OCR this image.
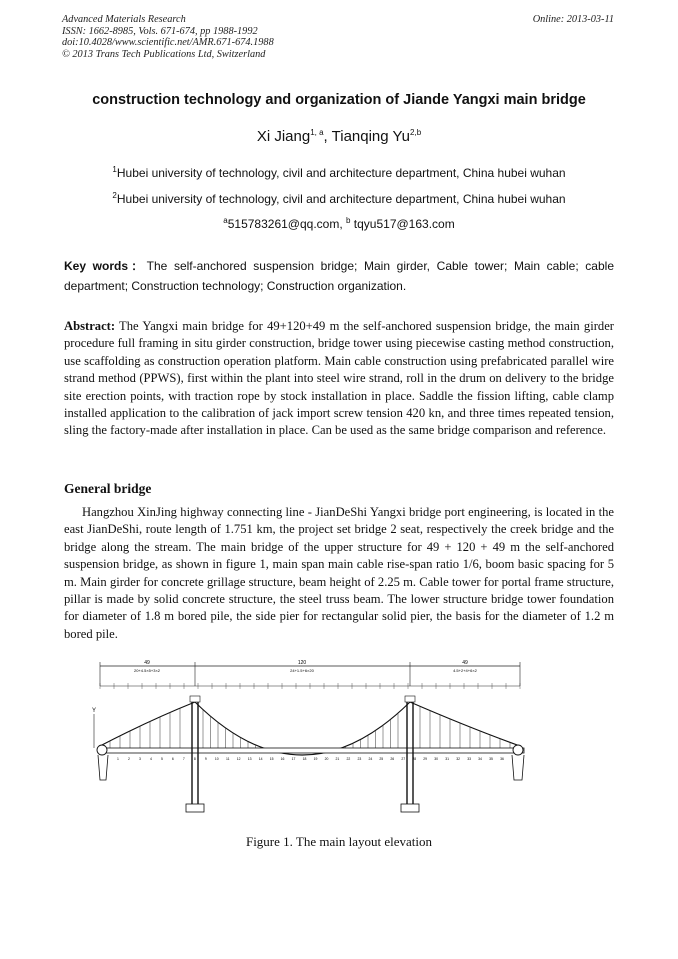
Advanced Materials Research
ISSN: 1662-8985, Vols. 671-674, pp 1988-1992
doi:10.4028/www.scientific.net/AMR.671-674.1988
© 2013 Trans Tech Publications Ltd, Switzerland
Online: 2013-03-11
construction technology and organization of Jiande Yangxi main bridge
Xi Jiang$^{1, a}$, Tianqing Yu$^{2,b}$
$^1$Hubei university of technology, civil and architecture department, China hubei wuhan
$^2$Hubei university of technology, civil and architecture department, China hubei wuhan
$^a$515783261@qq.com, $^b$ tqyu517@163.com
Key words：The self-anchored suspension bridge; Main girder, Cable tower; Main cable; cable department; Construction technology; Construction organization.
Abstract: The Yangxi main bridge for 49+120+49 m the self-anchored suspension bridge, the main girder procedure full framing in situ girder construction, bridge tower using piecewise casting method construction, use scaffolding as construction operation platform. Main cable construction using prefabricated parallel wire strand method (PPWS), first within the plant into steel wire strand, roll in the drum on delivery to the bridge site erection points, with traction rope by stock installation in place. Saddle the fission lifting, cable clamp installed application to the calibration of jack import screw tension 420 kn, and three times repeated tension, sling the factory-made after installation in place. Can be used as the same bridge comparison and reference.
General bridge
Hangzhou XinJing highway connecting line - JianDeShi Yangxi bridge port engineering, is located in the east JianDeShi, route length of 1.751 km, the project set bridge 2 seat, respectively the creek bridge and the bridge along the stream. The main bridge of the upper structure for 49 + 120 + 49 m the self-anchored suspension bridge, as shown in figure 1, main span main cable rise-span ratio 1/6, boom basic spacing for 5 m. Main girder for concrete grillage structure, beam height of 2.25 m. Cable tower for portal frame structure, pillar is made by solid concrete structure, the steel truss beam. The lower structure bridge tower foundation for diameter of 1.8 m bored pile, the side pier for rectangular solid pier, the basis for the diameter of 1.2 m bored pile.
49	120	49
20+4.5×5+3×2	24+1.5+6×20	4.5+2+4+6×2
Y
1	2	3	4	5	6	7	8	9 10 11 12 13 14 15 16 17 18 19 20 21 22 23 24 25 26 27 28 29 30 31 32 33 34 35 36
Figure 1. The main layout elevation
